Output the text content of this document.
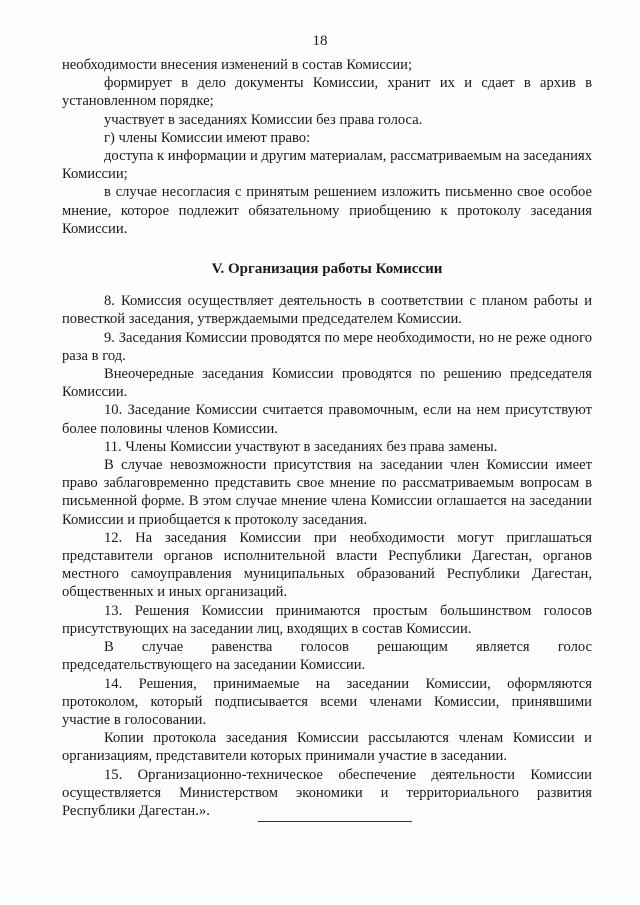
18

необходимости внесения изменений в состав Комиссии;

формирует в дело документы Комиссии, хранит их и сдает в архив в установленном порядке;

участвует в заседаниях Комиссии без права голоса.

г) члены Комиссии имеют право:

доступа к информации и другим материалам, рассматриваемым на заседаниях Комиссии;

в случае несогласия с принятым решением изложить письменно свое особое мнение, которое подлежит обязательному приобщению к протоколу заседания Комиссии.

V. Организация работы Комиссии

8. Комиссия осуществляет деятельность в соответствии с планом работы и повесткой заседания, утверждаемыми председателем Комиссии.

9. Заседания Комиссии проводятся по мере необходимости, но не реже одного раза в год.

Внеочередные заседания Комиссии проводятся по решению председателя Комиссии.

10. Заседание Комиссии считается правомочным, если на нем присутствуют более половины членов Комиссии.

11. Члены Комиссии участвуют в заседаниях без права замены.

В случае невозможности присутствия на заседании член Комиссии имеет право заблаговременно представить свое мнение по рассматриваемым вопросам в письменной форме. В этом случае мнение члена Комиссии оглашается на заседании Комиссии и приобщается к протоколу заседания.

12. На заседания Комиссии при необходимости могут приглашаться представители органов исполнительной власти Республики Дагестан, органов местного самоуправления муниципальных образований Республики Дагестан, общественных и иных организаций.

13. Решения Комиссии принимаются простым большинством голосов присутствующих на заседании лиц, входящих в состав Комиссии.

В случае равенства голосов решающим является голос председательствующего на заседании Комиссии.

14. Решения, принимаемые на заседании Комиссии, оформляются протоколом, который подписывается всеми членами Комиссии, принявшими участие в голосовании.

Копии протокола заседания Комиссии рассылаются членам Комиссии и организациям, представители которых принимали участие в заседании.

15. Организационно-техническое обеспечение деятельности Комиссии осуществляется Министерством экономики и территориального развития Республики Дагестан.».
